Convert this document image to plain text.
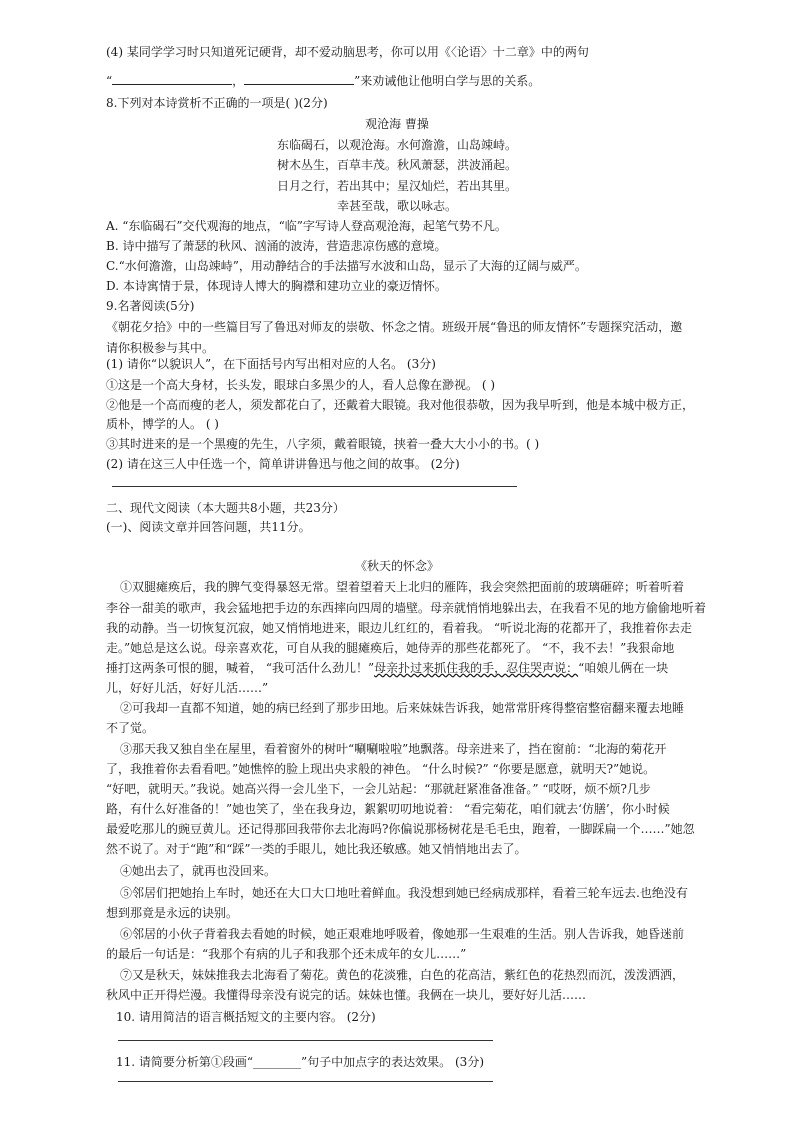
(4) 某同学学习时只知道死记硬背，却不爱动脑思考，你可以用《〈论语〉十二章》中的两句
“	，	”来劝诫他让他明白学与思的关系。
8.下列对本诗赏析不正确的一项是( )(2分)
观沧海 曹操
东临碣石，以观沧海。水何澹澹，山岛竦峙。
树木丛生，百草丰茂。秋风萧瑟，洪波涌起。
日月之行，若出其中；星汉灿烂，若出其里。
幸甚至哉，歌以咏志。
A. “东临碣石”交代观海的地点，“临”字写诗人登高观沧海，起笔气势不凡。
B. 诗中描写了萧瑟的秋风、汹涌的波涛，营造悲凉伤感的意境。
C.“水何澹澹，山岛竦峙”，用动静结合的手法描写水波和山岛，显示了大海的辽阔与威严。
D. 本诗寓情于景，体现诗人博大的胸襟和建功立业的豪迈情怀。
9.名著阅读(5分)
《朝花夕拾》中的一些篇目写了鲁迅对师友的崇敬、怀念之情。班级开展“鲁迅的师友情怀”专题探究活动，邀
请你积极参与其中。
(1) 请你“以貌识人”，在下面括号内写出相对应的人名。 (3分)
①这是一个高大身材，长头发，眼球白多黑少的人，看人总像在渺视。 ( )
②他是一个高而瘦的老人，须发都花白了，还戴着大眼镜。我对他很恭敬，因为我早听到，他是本城中极方正，
质朴，博学的人。 ( )
③其时进来的是一个黑瘦的先生，八字须，戴着眼镜，挟着一叠大大小小的书。( )
(2) 请在这三人中任选一个，简单讲讲鲁迅与他之间的故事。 (2分)
二、现代文阅读（本大题共8小题，共23分）
(一)、阅读文章并回答问题，共11分。
《秋天的怀念》
①双腿瘫痪后，我的脾气变得暴怒无常。望着望着天上北归的雁阵，我会突然把面前的玻璃砸碎；听着听着
李谷一甜美的歌声，我会猛地把手边的东西摔向四周的墙壁。母亲就悄悄地躲出去，在我看不见的地方偷偷地听着
我的动静。当一切恢复沉寂，她又悄悄地进来，眼边儿红红的，看着我。 “听说北海的花都开了，我推着你去走
走。”她总是这么说。母亲喜欢花，可自从我的腿瘫痪后，她侍弄的那些花都死了。 “不，我不去！”我狠命地
捶打这两条可恨的腿，喊着， “我可活什么劲儿！”母亲扑过来抓住我的手，忍住哭声说：“咱娘儿俩在一块
儿，好好儿活，好好儿活……”
②可我却一直都不知道，她的病已经到了那步田地。后来妹妹告诉我，她常常肝疼得整宿整宿翻来覆去地睡
不了觉。
③那天我又独自坐在屋里，看着窗外的树叶“唰唰啦啦”地飘落。母亲进来了，挡在窗前：“北海的菊花开
了，我推着你去看看吧。”她憔悴的脸上现出央求般的神色。 “什么时候?” “你要是愿意，就明天?”她说。
“好吧，就明天。”我说。她高兴得一会儿坐下，一会儿站起：“那就赶紧准备准备。” “哎呀，烦不烦?几步
路，有什么好准备的！”她也笑了，坐在我身边，絮絮叨叨地说着： “看完菊花，咱们就去‘仿膳’，你小时候
最爱吃那儿的豌豆黄儿。还记得那回我带你去北海吗?你偏说那杨树花是毛毛虫，跑着，一脚踩扁一个……”她忽
然不说了。对于“跑”和“踩”一类的手眼儿，她比我还敏感。她又悄悄地出去了。
④她出去了，就再也没回来。
⑤邻居们把她抬上车时，她还在大口大口地吐着鲜血。我没想到她已经病成那样，看着三轮车远去.也绝没有
想到那竟是永远的诀别。
⑥邻居的小伙子背着我去看她的时候，她正艰难地呼吸着，像她那一生艰难的生活。别人告诉我，她昏迷前
的最后一句话是：“我那个有病的儿子和我那个还未成年的女儿……”
⑦又是秋天，妹妹推我去北海看了菊花。黄色的花淡雅，白色的花高洁，紫红色的花热烈而沉，泼泼洒洒，
秋风中正开得烂漫。我懂得母亲没有说完的话。妹妹也懂。我俩在一块儿，要好好儿活……
10. 请用简洁的语言概括短文的主要内容。 (2分)
11. 请简要分析第①段画“________”句子中加点字的表达效果。 (3分)
